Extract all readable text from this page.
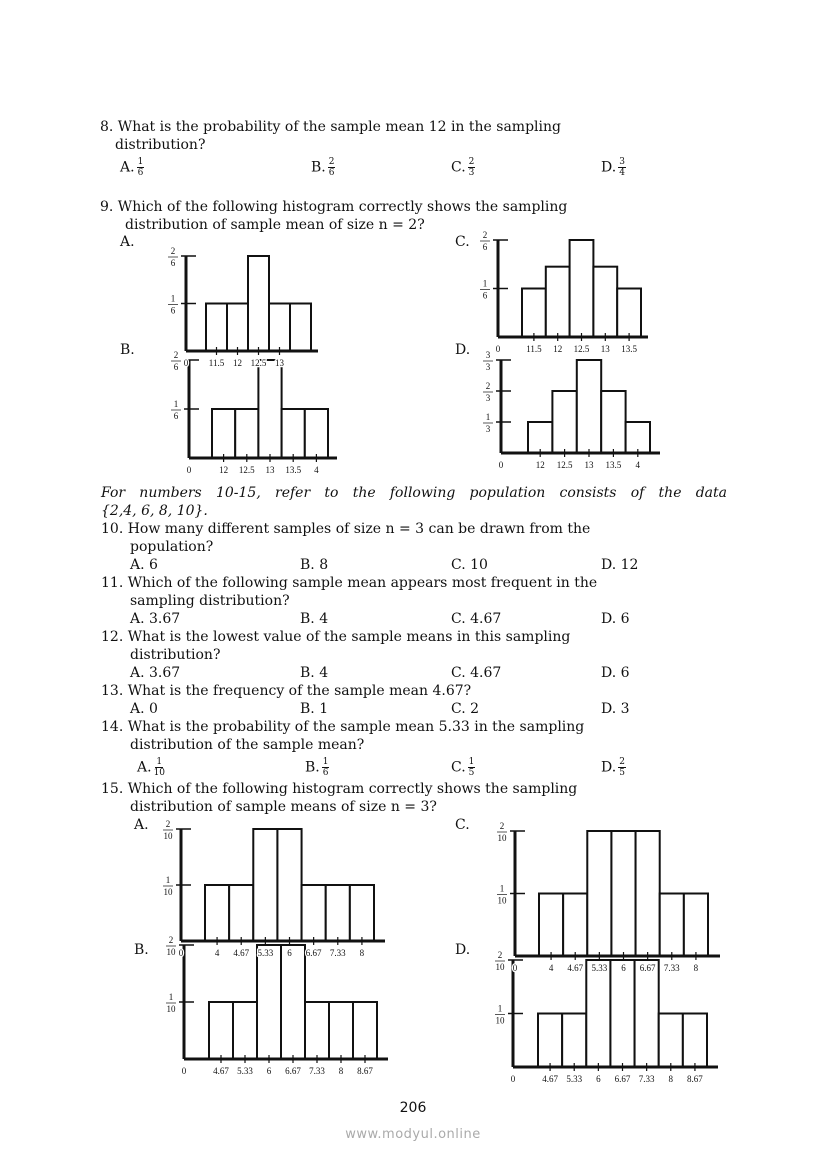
8. What is the probability of the sample mean 12 in the sampling
distribution?
A. $\frac{1}{6}$	B. $\frac{2}{6}$	C. $\frac{2}{3}$	D. $\frac{3}{4}$
9. Which of the following histogram correctly shows the sampling
distribution of sample mean of size n = 2?
A.
B.
C.
D.
For numbers 10-15, refer to the following population consists of the data
{2,4, 6, 8, 10}.
10. How many different samples of size n = 3 can be drawn from the
population?
A. 6	B. 8	C. 10	D. 12
11. Which of the following sample mean appears most frequent in the
sampling distribution?
A. 3.67	B. 4	C. 4.67	D. 6
12. What is the lowest value of the sample means in this sampling
distribution?
A. 3.67	B. 4	C. 4.67	D. 6
13. What is the frequency of the sample mean 4.67?
A. 0	B. 1	C. 2	D. 3
14. What is the probability of the sample mean 5.33 in the sampling
distribution of the sample mean?
A. $\frac{1}{10}$	B. $\frac{1}{6}$	C. $\frac{1}{5}$	D. $\frac{2}{5}$
15. Which of the following histogram correctly shows the sampling
distribution of sample means of size n = 3?
A.
B.
C.
D.
1
6
2
6
0 11.5 12 12.5 13
1
6
2
6
0	12 12.5 13 13.5 4
1
6
2
6
0	11.5 12 12.5 13 13.5
1
3
2
3
3
3
0	12 12.5 13 13.5 4
1
10
2
10
0	4 4.67 5.33 6 6.67 7.33 8
1
10
2
10
0	4.67 5.33 6 6.67 7.33 8 8.67
1
10
2
10
0	4 4.67 5.33 6 6.67 7.33 8
1
10
2
10
0	4.67 5.33 6 6.67 7.33 8 8.67
206
www.modyul.online
